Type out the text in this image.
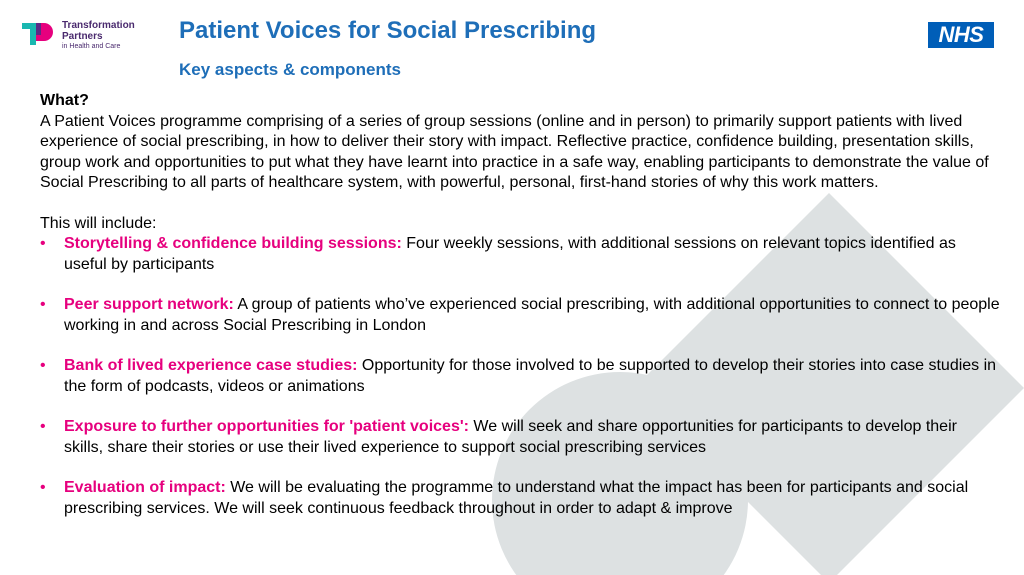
Transformation
Partners
in Health and Care
Patient Voices for Social Prescribing
Key aspects & components
NHS

What?

A Patient Voices programme comprising of a series of group sessions (online and in person) to primarily support patients with lived experience of social prescribing, in how to deliver their story with impact. Reflective practice, confidence building, presentation skills, group work and opportunities to put what they have learnt into practice in a safe way, enabling participants to demonstrate the value of Social Prescribing to all parts of healthcare system, with powerful, personal, first-hand stories of why this work matters.

This will include:

• Storytelling & confidence building sessions: Four weekly sessions, with additional sessions on relevant topics identified as useful by participants
• Peer support network: A group of patients who’ve experienced social prescribing, with additional opportunities to connect to people working in and across Social Prescribing in London
• Bank of lived experience case studies: Opportunity for those involved to be supported to develop their stories into case studies in the form of podcasts, videos or animations
• Exposure to further opportunities for 'patient voices': We will seek and share opportunities for participants to develop their skills, share their stories or use their lived experience to support social prescribing services
• Evaluation of impact: We will be evaluating the programme to understand what the impact has been for participants and social prescribing services. We will seek continuous feedback throughout in order to adapt & improve
